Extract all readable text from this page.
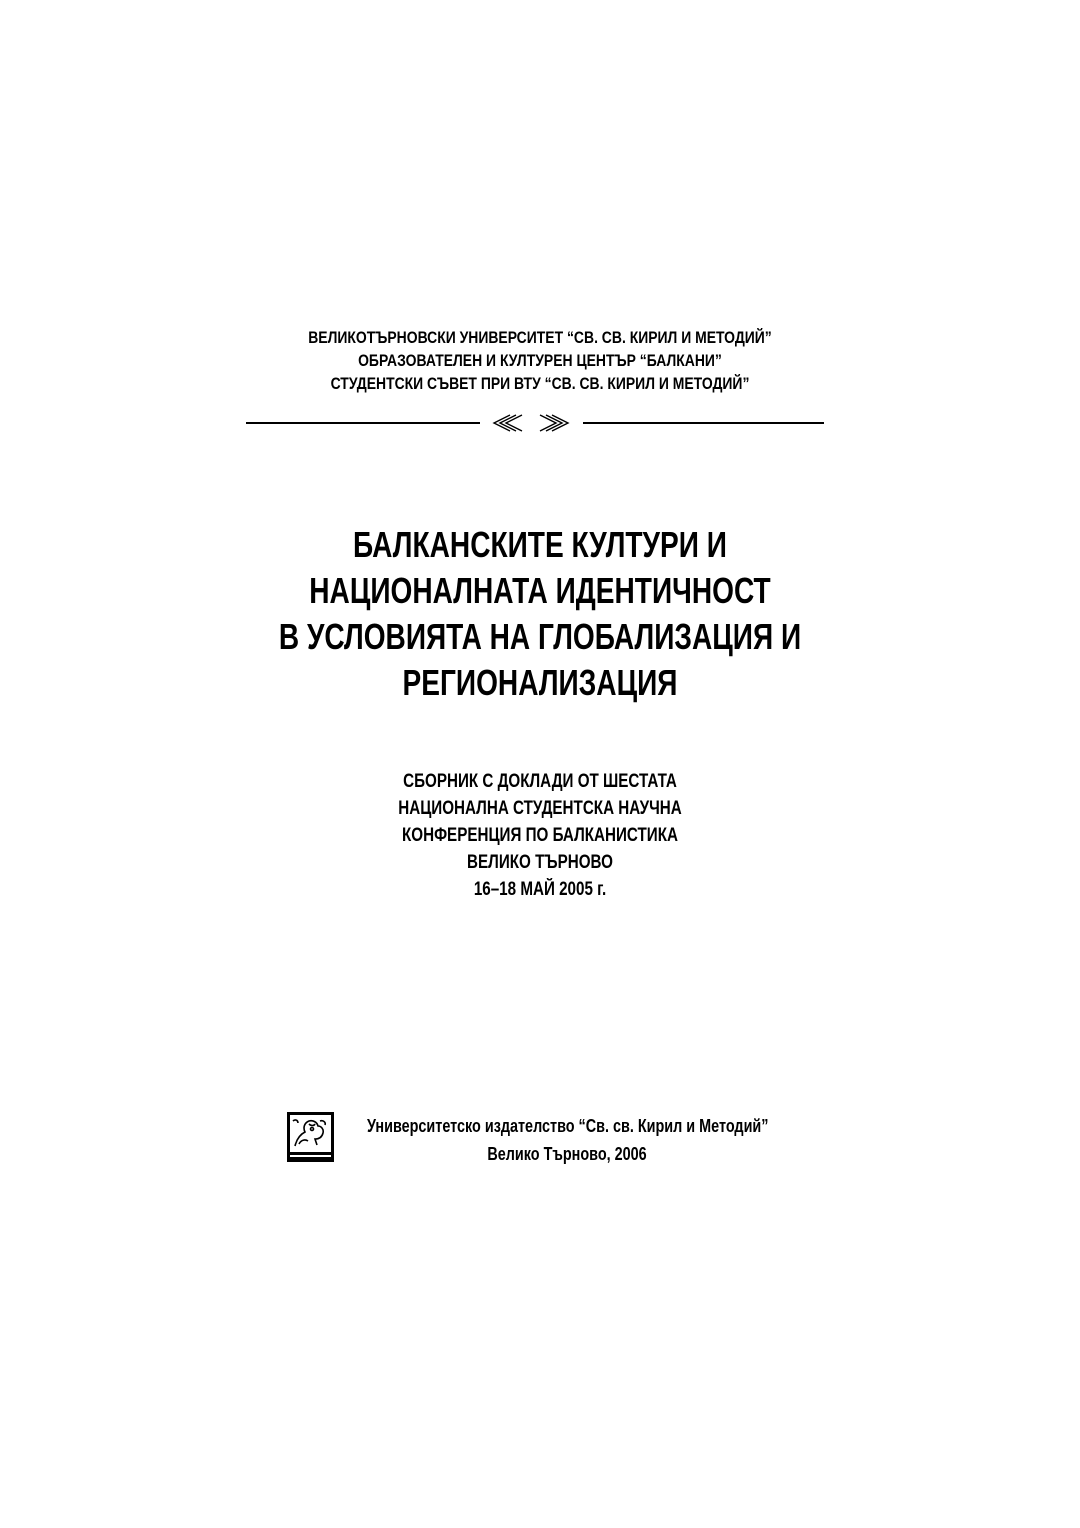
ВЕЛИКОТЪРНОВСКИ УНИВЕРСИТЕТ “СВ. СВ. КИРИЛ И МЕТОДИЙ”
ОБРАЗОВАТЕЛЕН И КУЛТУРЕН ЦЕНТЪР “БАЛКАНИ”
СТУДЕНТСКИ СЪВЕТ ПРИ ВТУ “СВ. СВ. КИРИЛ И МЕТОДИЙ”
БАЛКАНСКИТЕ КУЛТУРИ И
НАЦИОНАЛНАТА ИДЕНТИЧНОСТ
В УСЛОВИЯТА НА ГЛОБАЛИЗАЦИЯ И
РЕГИОНАЛИЗАЦИЯ
СБОРНИК С ДОКЛАДИ ОТ ШЕСТАТА
НАЦИОНАЛНА СТУДЕНТСКА НАУЧНА
КОНФЕРЕНЦИЯ ПО БАЛКАНИСТИКА
ВЕЛИКО ТЪРНОВО
16–18 МАЙ 2005 г.
Университетско издателство “Св. св. Кирил и Методий”
Велико Търново, 2006
